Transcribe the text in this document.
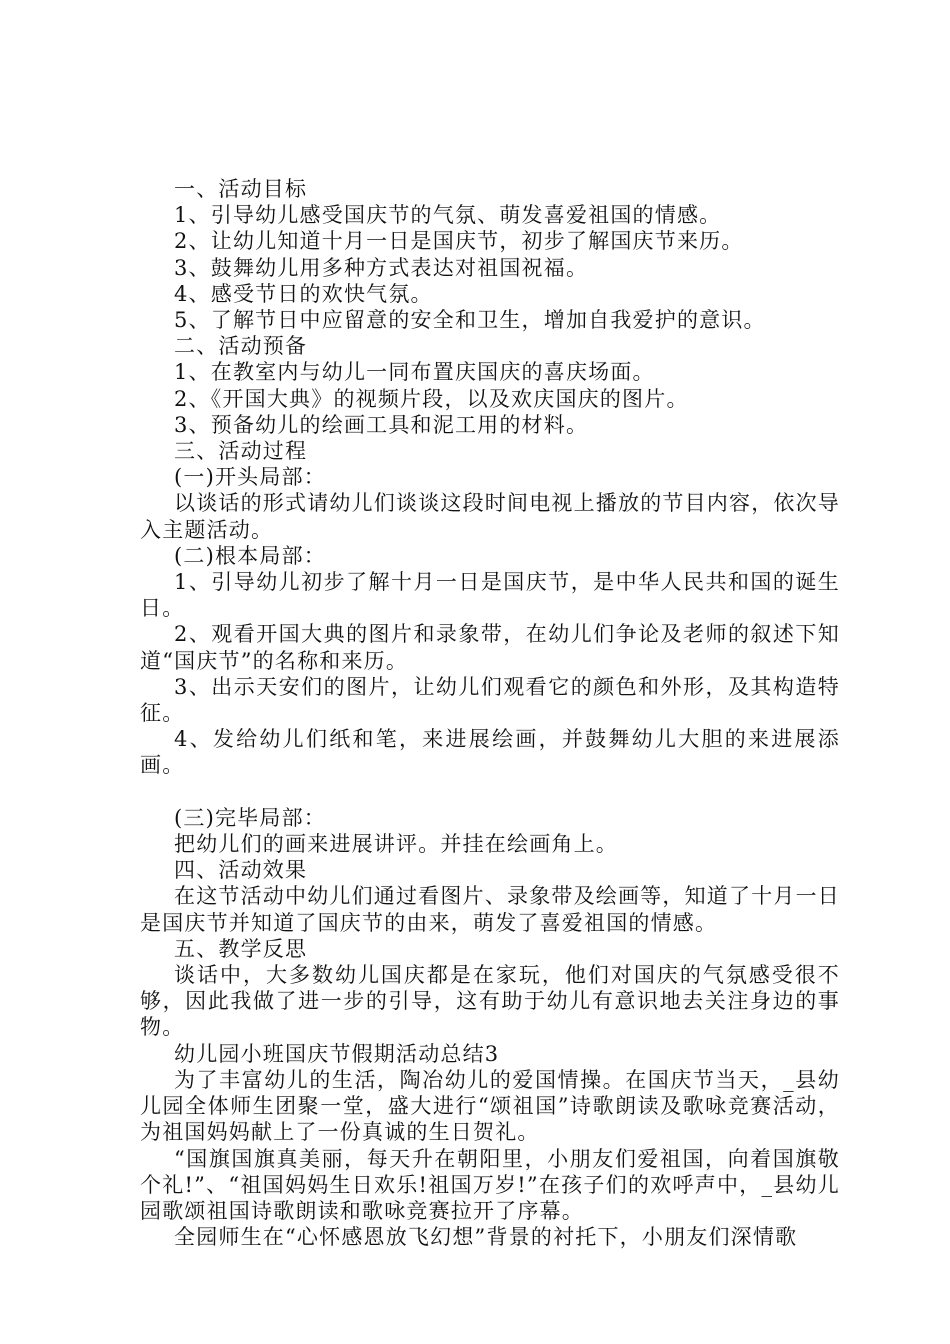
一、活动目标

1、引导幼儿感受国庆节的气氛、萌发喜爱祖国的情感。

2、让幼儿知道十月一日是国庆节，初步了解国庆节来历。

3、鼓舞幼儿用多种方式表达对祖国祝福。

4、感受节日的欢快气氛。

5、了解节日中应留意的安全和卫生，增加自我爱护的意识。

二、活动预备

1、在教室内与幼儿一同布置庆国庆的喜庆场面。

2、《开国大典》的视频片段，以及欢庆国庆的图片。

3、预备幼儿的绘画工具和泥工用的材料。

三、活动过程

(一)开头局部：

以谈话的形式请幼儿们谈谈这段时间电视上播放的节目内容，依次导入主题活动。

(二)根本局部：

1、引导幼儿初步了解十月一日是国庆节，是中华人民共和国的诞生日。

2、观看开国大典的图片和录象带，在幼儿们争论及老师的叙述下知道“国庆节”的名称和来历。

3、出示天安们的图片，让幼儿们观看它的颜色和外形，及其构造特征。

4、发给幼儿们纸和笔，来进展绘画，并鼓舞幼儿大胆的来进展添画。

(三)完毕局部：

把幼儿们的画来进展讲评。并挂在绘画角上。

四、活动效果

在这节活动中幼儿们通过看图片、录象带及绘画等，知道了十月一日是国庆节并知道了国庆节的由来，萌发了喜爱祖国的情感。

五、教学反思

谈话中，大多数幼儿国庆都是在家玩，他们对国庆的气氛感受很不够，因此我做了进一步的引导，这有助于幼儿有意识地去关注身边的事物。

幼儿园小班国庆节假期活动总结3

为了丰富幼儿的生活，陶冶幼儿的爱国情操。在国庆节当天，_县幼儿园全体师生团聚一堂，盛大进行“颂祖国”诗歌朗读及歌咏竞赛活动，为祖国妈妈献上了一份真诚的生日贺礼。

“国旗国旗真美丽，每天升在朝阳里，小朋友们爱祖国，向着国旗敬个礼!”、“祖国妈妈生日欢乐!祖国万岁!”在孩子们的欢呼声中，_县幼儿园歌颂祖国诗歌朗读和歌咏竞赛拉开了序幕。

全园师生在“心怀感恩放飞幻想”背景的衬托下，小朋友们深情歌
